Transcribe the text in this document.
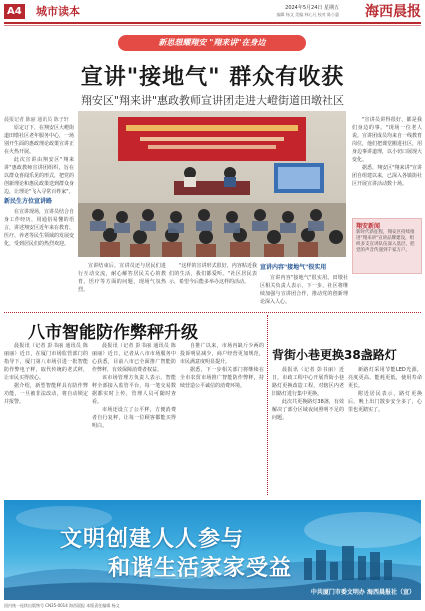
A4 城市读本	2024年5月24日 星期五
编辑 杨文 美编 林心凡 校对 陈小惠	海西晨报
新思想耀翔安 "翔来讲"在身边
宣讲"接地气" 群众有收获
翔安区"翔来讲"惠政教师宣讲团走进大嶝街道田墩社区

晨报记者 陈丽 通讯员 陈子轩

原定订下，在翔安区大嶝街道田墩社区老年服务中心，一场别开生面的惠政理论政策宣讲正在火热开展。

此次宣讲由翔安区"翔来讲"惠政教师宣讲团组织，旨在以群众喜闻乐见的形式，把党的创新理论和惠民政策送到群众身边，让理论"飞入寻常百姓家"。

新民生方位宣讲路

在宣讲现场，宣讲员结合自身工作经历，用通俗易懂的语言，讲述翔安区近年来在教育、医疗、养老等民生领域的发展变化，受到居民们的热烈欢迎。

"宣讲员讲得很好，都是我们身边的事。"现场一位老人说。宣讲团成员均来自一线教育岗位，他们把课堂搬进社区，用身边事讲道理，以小切口展现大变化。

据悉，翔安区"翔来讲"宣讲团自组建以来，已深入各镇街社区开展宣讲活动数十场。

宣讲结束后，宣讲员还与居民们进行互动交流，耐心解答居民关心的教育、医疗等方面的问题，现场气氛热烈。

"这样的宣讲形式很好，内容贴近我们的生活，我们都爱听。"社区居民表示，希望今后能多举办这样的活动。

宣讲内容"接地气"很实用

宣讲内容"接地气"很实用。田墩社区相关负责人表示，下一步，社区将继续加强与宣讲团合作，推动党的创新理论深入人心。

翔安新闻
新时代新征程，翔安区持续推进"翔来讲"宣讲品牌建设，组织多支宣讲队伍深入基层，把党的声音传递到千家万户。
八市智能防作弊秤升级

晨报讯（记者 彭书丽 通讯员 陈丽丽）近日，在厦门市场监管部门的指导下，厦门第八市场引进一批智能防作弊电子秤，取代传统的老式秤，让市民买得放心。

据介绍，新型智能秤具有防作弊功能，一旦被非法改动，将自动锁定并报警。

晨报讯（记者 彭书丽 通讯员 陈丽丽）近日，记者从八市市场服务中心获悉，目前八市已全面推广智能防作弊秤，有效保障消费者权益。

该市场管理方负责人表示，智能秤全部接入监管平台，每一笔交易数据都实时上传，管理人员可随时查看。

市场还设立了公平秤，方便消费者自行复秤，让每一位顾客都能买得明白。

自推广以来，市场内缺斤少两的投诉明显减少，商户经营更加规范，市民满意度明显提升。

据悉，下一步相关部门将继续在全市农贸市场推广智能防作弊秤，持续营造公平诚信的消费环境。

背街小巷更换38盏路灯

晨报讯（记者 彭书丽）近日，市政工程中心开展背街小巷路灯更换改造工程，对辖区内老旧路灯进行集中更换。

此次共更换路灯38盏，有效解决了部分区域夜间照明不足的问题。

新路灯采用节能LED光源，亮度更高、能耗更低，使用寿命更长。

附近居民表示，路灯更换后，晚上出门散步安全多了，心里也更踏实了。

文明创建人人参与
和谐生活家家受益
中共厦门市委文明办 海西晨报社（宣）
国内统一连续出版物号 CN35-0014 海西晨报 本版责任编辑 杨文
